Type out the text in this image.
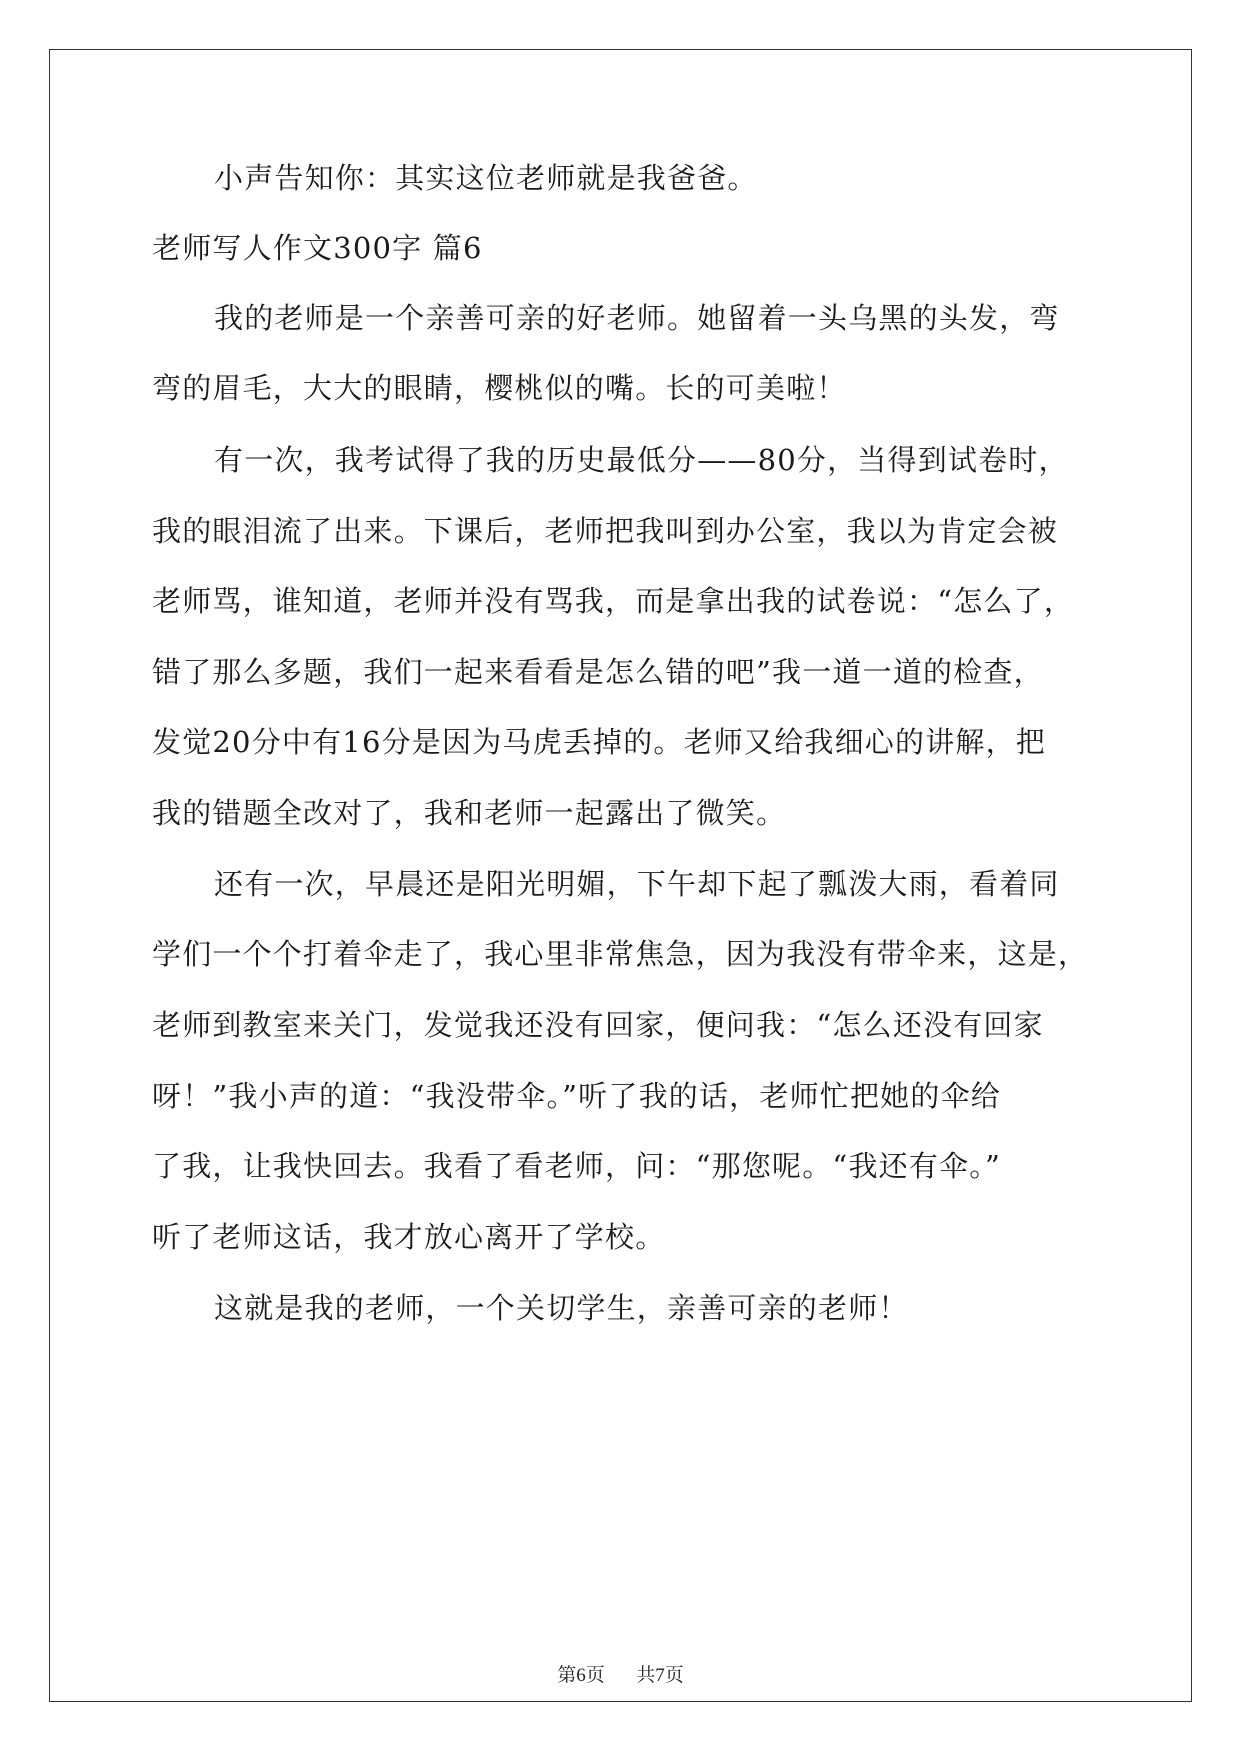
小声告知你：其实这位老师就是我爸爸。
老师写人作文300字 篇6
我的老师是一个亲善可亲的好老师。她留着一头乌黑的头发，弯
弯的眉毛，大大的眼睛，樱桃似的嘴。长的可美啦！
有一次，我考试得了我的历史最低分——80分，当得到试卷时，
我的眼泪流了出来。下课后，老师把我叫到办公室，我以为肯定会被
老师骂，谁知道，老师并没有骂我，而是拿出我的试卷说：“怎么了，
错了那么多题，我们一起来看看是怎么错的吧”我一道一道的检查，
发觉20分中有16分是因为马虎丢掉的。老师又给我细心的讲解，把
我的错题全改对了，我和老师一起露出了微笑。
还有一次，早晨还是阳光明媚，下午却下起了瓢泼大雨，看着同
学们一个个打着伞走了，我心里非常焦急，因为我没有带伞来，这是，
老师到教室来关门，发觉我还没有回家，便问我：“怎么还没有回家
呀！”我小声的道：“我没带伞。”听了我的话，老师忙把她的伞给
了我，让我快回去。我看了看老师，问：“那您呢。“我还有伞。”
听了老师这话，我才放心离开了学校。
这就是我的老师，一个关切学生，亲善可亲的老师！
第6页 共7页
